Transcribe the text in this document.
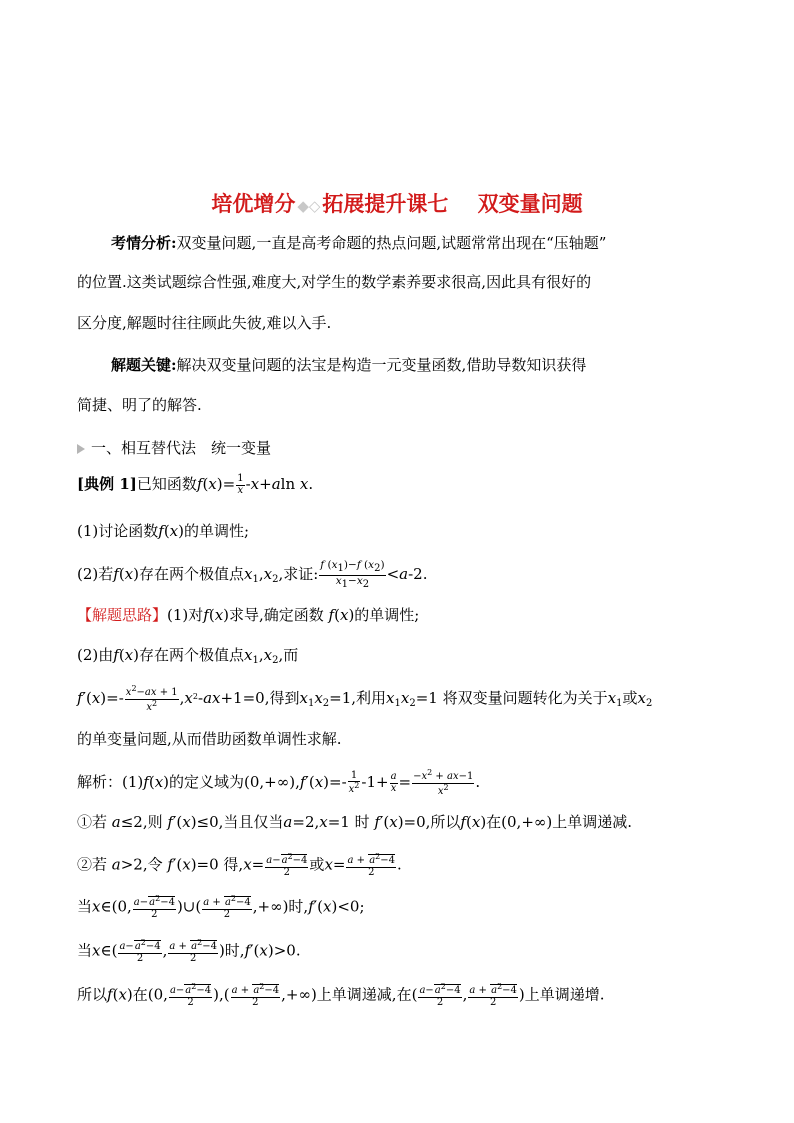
培优增分 ◆◇拓展提升课七 双变量问题
考情分析:双变量问题,一直是高考命题的热点问题,试题常常出现在“压轴题”
的位置.这类试题综合性强,难度大,对学生的数学素养要求很高,因此具有很好的
区分度,解题时往往顾此失彼,难以入手.
解题关键:解决双变量问题的法宝是构造一元变量函数,借助导数知识获得
简捷、明了的解答.
一、相互替代法　统一变量
[典例 1]已知函数$f(x)= \frac{1}{x} -x+aln$ x.
(1)讨论函数f(x)的单调性;
(2)若f(x)存在两个极值点$x_1,x_2$,求证: $\frac{f (x_1)-f (x_2)}{x_1-x_2} <a-2$.
【解题思路】(1)对f(x)求导,确定函数 f(x)的单调性;
(2)由f(x)存在两个极值点$x_1,x_2$,而
$f'(x)=- \frac{x^2-ax + 1}{x^2} ,x^2-ax+1=0$,得到$x_1x_2=1$,利用$x_1x_2=1$ 将双变量问题转化为关于$x_1$或$x_2$
的单变量问题,从而借助函数单调性求解.
解析：(1)f(x)的定义域为$(0,+\infty),f'(x)=- \frac{1}{x^2} -1+ \frac{a}{x} = \frac{-x^2 + ax-1}{x^2}$ .
①若 a≤2,则 f′(x)≤0,当且仅当a=2,x=1 时 f′(x)=0,所以f(x)在(0,+∞)上单调递减.
②若 a>2,令 f′(x)=0 得$,x= \frac{a-a^2-4}{2}$ 或$x= \frac{a + a^2-4}{2}$ .
当x∈(0, $\frac{a-a^2-4}{2}$ )∪( $\frac{a + a^2-4}{2}$ ,+∞)时,f′(x)<0;
当x∈( $\frac{a-a^2-4}{2}$ , $\frac{a + a^2-4}{2}$ )时,f′(x)>0.
所以f(x)在(0, $\frac{a-a^2-4}{2}$ ),( $\frac{a + a^2-4}{2}$ ,+∞)上单调递减,在( $\frac{a-a^2-4}{2}$ , $\frac{a + a^2-4}{2}$ )上单调递增.
